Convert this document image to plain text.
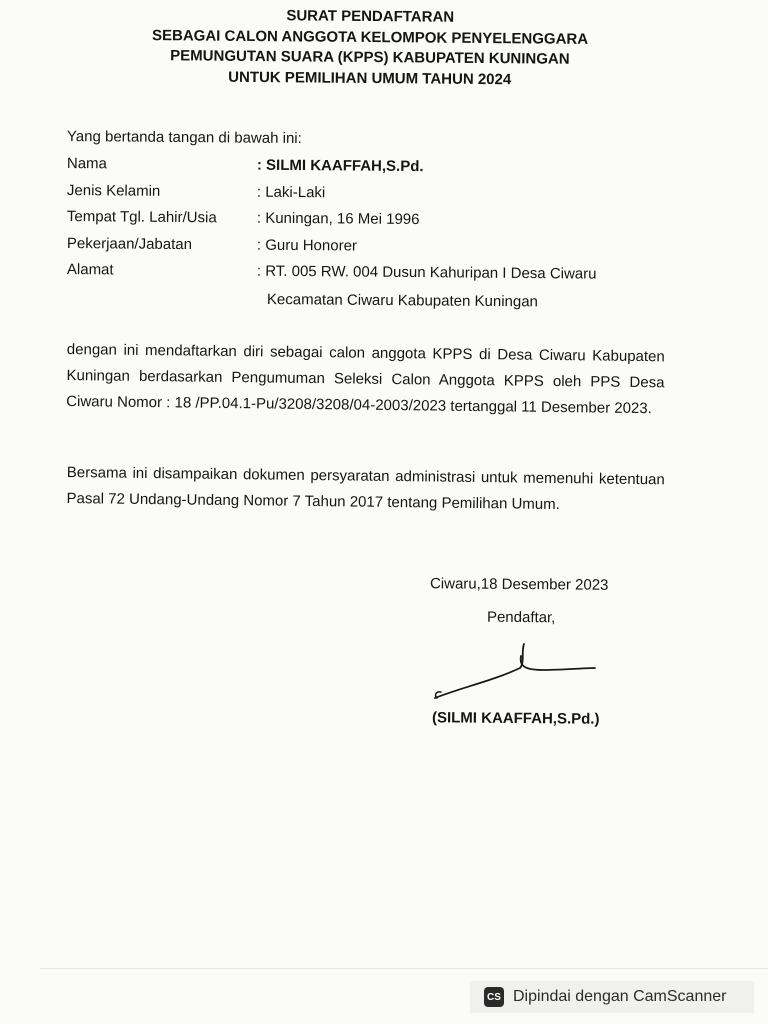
SURAT PENDAFTARAN
SEBAGAI CALON ANGGOTA KELOMPOK PENYELENGGARA
PEMUNGUTAN SUARA (KPPS) KABUPATEN KUNINGAN
UNTUK PEMILIHAN UMUM TAHUN 2024
Yang bertanda tangan di bawah ini:
Nama	: SILMI KAAFFAH,S.Pd.
Jenis Kelamin	: Laki-Laki
Tempat Tgl. Lahir/Usia	: Kuningan, 16 Mei 1996
Pekerjaan/Jabatan	: Guru Honorer
Alamat	: RT. 005 RW. 004 Dusun Kahuripan I Desa Ciwaru
Kecamatan Ciwaru Kabupaten Kuningan
dengan ini mendaftarkan diri sebagai calon anggota KPPS di Desa Ciwaru Kabupaten Kuningan berdasarkan Pengumuman Seleksi Calon Anggota KPPS oleh PPS Desa Ciwaru Nomor : 18 /PP.04.1-Pu/3208/3208/04-2003/2023 tertanggal 11 Desember 2023.
Bersama ini disampaikan dokumen persyaratan administrasi untuk memenuhi ketentuan Pasal 72 Undang-Undang Nomor 7 Tahun 2017 tentang Pemilihan Umum.
Ciwaru,18 Desember 2023
Pendaftar,
(SILMI KAAFFAH,S.Pd.)
CS Dipindai dengan CamScanner
